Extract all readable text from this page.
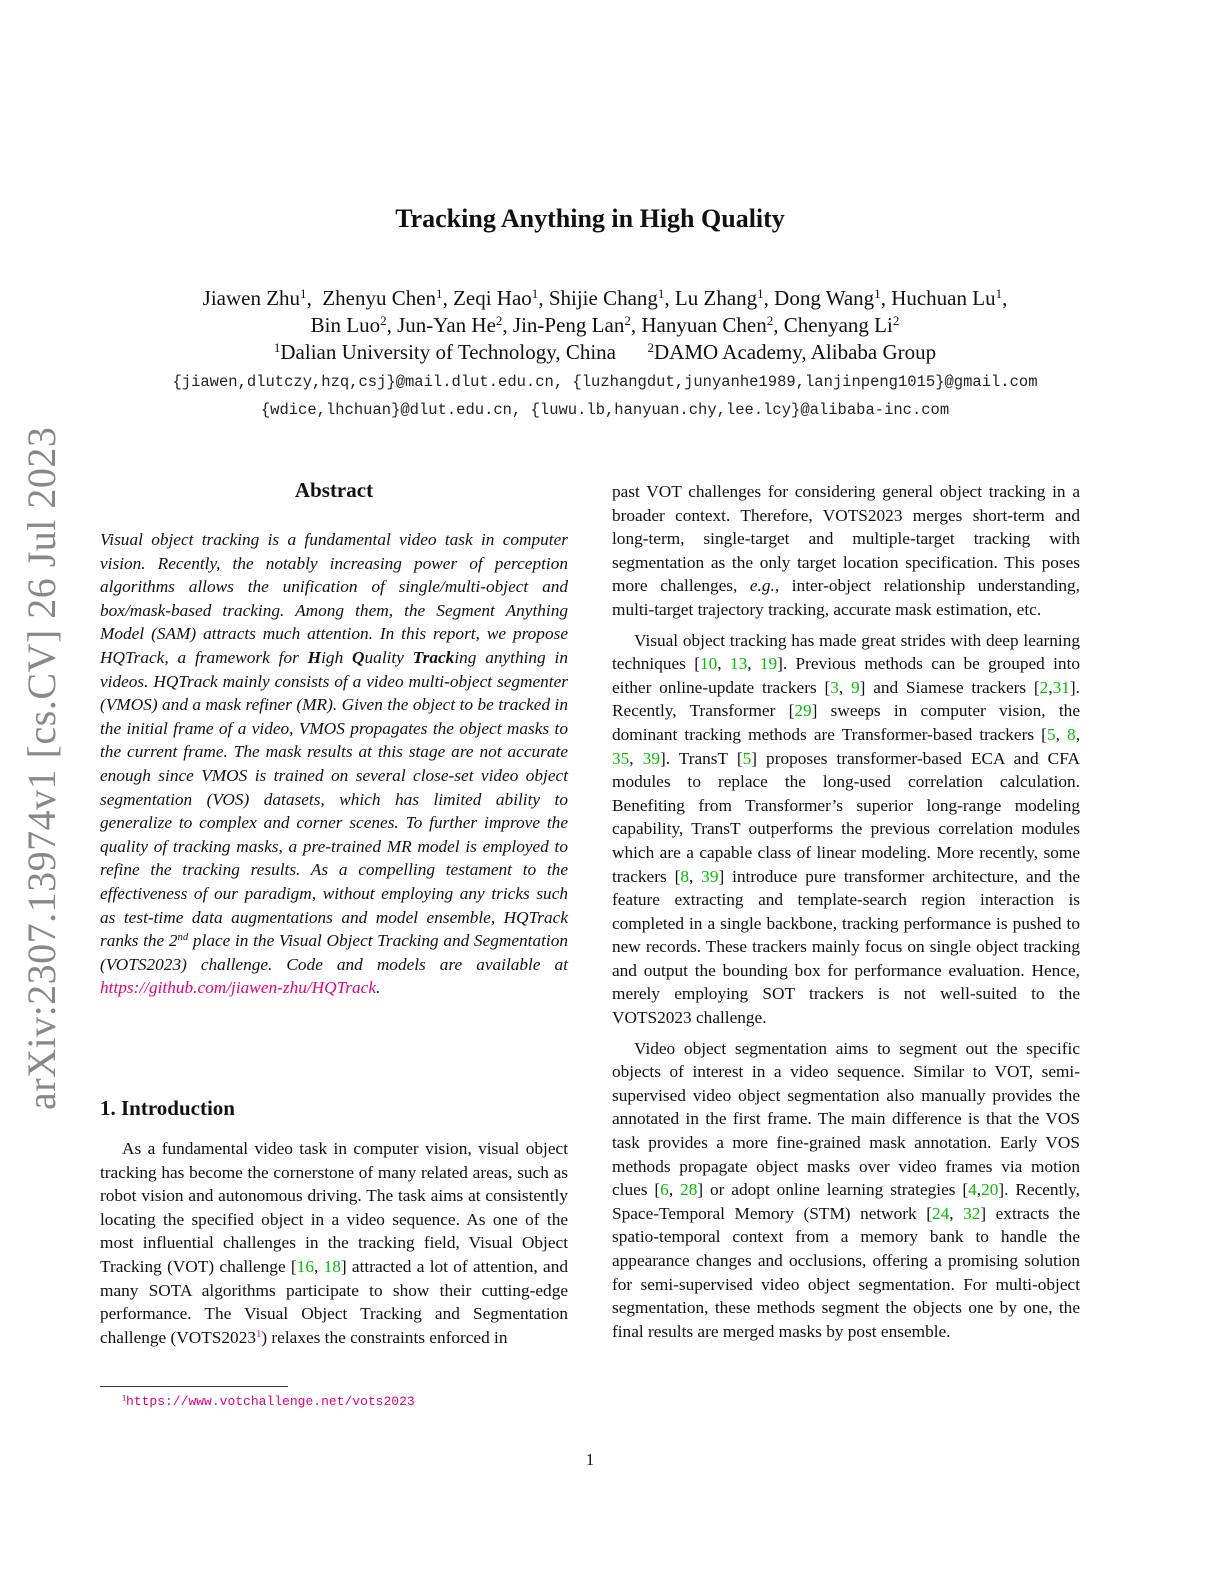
arXiv:2307.13974v1 [cs.CV] 26 Jul 2023
Tracking Anything in High Quality
Jiawen Zhu$^1$,  Zhenyu Chen$^1$, Zeqi Hao$^1$, Shijie Chang$^1$, Lu Zhang$^1$, Dong Wang$^1$, Huchuan Lu$^1$,
Bin Luo$^2$, Jun-Yan He$^2$, Jin-Peng Lan$^2$, Hanyuan Chen$^2$, Chenyang Li$^2$
$^1$Dalian University of Technology, China $^2$DAMO Academy, Alibaba Group
{jiawen,dlutczy,hzq,csj}@mail.dlut.edu.cn, {luzhangdut,junyanhe1989,lanjinpeng1015}@gmail.com
{wdice,lhchuan}@dlut.edu.cn, {luwu.lb,hanyuan.chy,lee.lcy}@alibaba-inc.com
Abstract
Visual object tracking is a fundamental video task in computer vision. Recently, the notably increasing power of perception algorithms allows the unification of single/multi-object and box/mask-based tracking. Among them, the Segment Anything Model (SAM) attracts much attention. In this report, we propose HQTrack, a framework for High Quality Tracking anything in videos. HQTrack mainly consists of a video multi-object segmenter (VMOS) and a mask refiner (MR). Given the object to be tracked in the initial frame of a video, VMOS propagates the object masks to the current frame. The mask results at this stage are not accurate enough since VMOS is trained on several close-set video object segmentation (VOS) datasets, which has limited ability to generalize to complex and corner scenes. To further improve the quality of tracking masks, a pre-trained MR model is employed to refine the tracking results. As a compelling testament to the effectiveness of our paradigm, without employing any tricks such as test-time data augmentations and model ensemble, HQTrack ranks the 2nd place in the Visual Object Tracking and Segmentation (VOTS2023) challenge. Code and models are available at https://github.com/jiawen-zhu/HQTrack.
1. Introduction
As a fundamental video task in computer vision, visual object tracking has become the cornerstone of many related areas, such as robot vision and autonomous driving. The task aims at consistently locating the specified object in a video sequence. As one of the most influential challenges in the tracking field, Visual Object Tracking (VOT) challenge [16, 18] attracted a lot of attention, and many SOTA algorithms participate to show their cutting-edge performance. The Visual Object Tracking and Segmentation challenge (VOTS2023$^1$) relaxes the constraints enforced in
$^1$https://www.votchallenge.net/vots2023

past VOT challenges for considering general object tracking in a broader context. Therefore, VOTS2023 merges short-term and long-term, single-target and multiple-target tracking with segmentation as the only target location specification. This poses more challenges, e.g., inter-object relationship understanding, multi-target trajectory tracking, accurate mask estimation, etc.

Visual object tracking has made great strides with deep learning techniques [10, 13, 19]. Previous methods can be grouped into either online-update trackers [3, 9] and Siamese trackers [2,31]. Recently, Transformer [29] sweeps in computer vision, the dominant tracking methods are Transformer-based trackers [5, 8, 35, 39]. TransT [5] proposes transformer-based ECA and CFA modules to replace the long-used correlation calculation. Benefiting from Transformer’s superior long-range modeling capability, TransT outperforms the previous correlation modules which are a capable class of linear modeling. More recently, some trackers [8, 39] introduce pure transformer architecture, and the feature extracting and template-search region interaction is completed in a single backbone, tracking performance is pushed to new records. These trackers mainly focus on single object tracking and output the bounding box for performance evaluation. Hence, merely employing SOT trackers is not well-suited to the VOTS2023 challenge.

Video object segmentation aims to segment out the specific objects of interest in a video sequence. Similar to VOT, semi-supervised video object segmentation also manually provides the annotated in the first frame. The main difference is that the VOS task provides a more fine-grained mask annotation. Early VOS methods propagate object masks over video frames via motion clues [6, 28] or adopt online learning strategies [4,20]. Recently, Space-Temporal Memory (STM) network [24, 32] extracts the spatio-temporal context from a memory bank to handle the appearance changes and occlusions, offering a promising solution for semi-supervised video object segmentation. For multi-object segmentation, these methods segment the objects one by one, the final results are merged masks by post ensemble.

1
